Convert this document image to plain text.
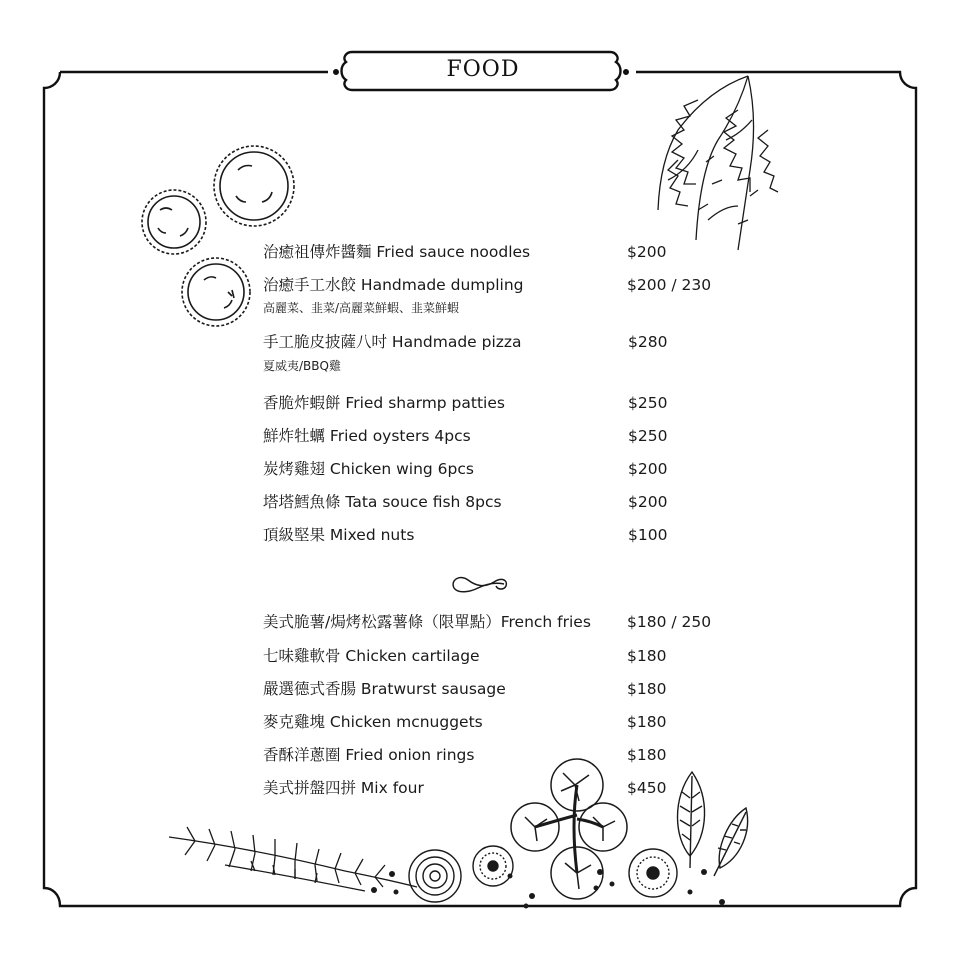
FOOD
治癒祖傳炸醬麵 Fried sauce noodles	$200
治癒手工水餃 Handmade dumpling	$200 / 230
高麗菜、韭菜/高麗菜鮮蝦、韭菜鮮蝦
手工脆皮披薩八吋 Handmade pizza	$280
夏威夷/BBQ雞
香脆炸蝦餅 Fried sharmp patties	$250
鮮炸牡蠣 Fried oysters 4pcs	$250
炭烤雞翅 Chicken wing 6pcs	$200
塔塔鱈魚條 Tata souce fish 8pcs	$200
頂級堅果 Mixed nuts	$100
美式脆薯/焗烤松露薯條（限單點）French fries $180 / 250
七味雞軟骨 Chicken cartilage	$180
嚴選德式香腸 Bratwurst sausage	$180
麥克雞塊 Chicken mcnuggets	$180
香酥洋蔥圈 Fried onion rings	$180
美式拼盤四拼 Mix four	$450
